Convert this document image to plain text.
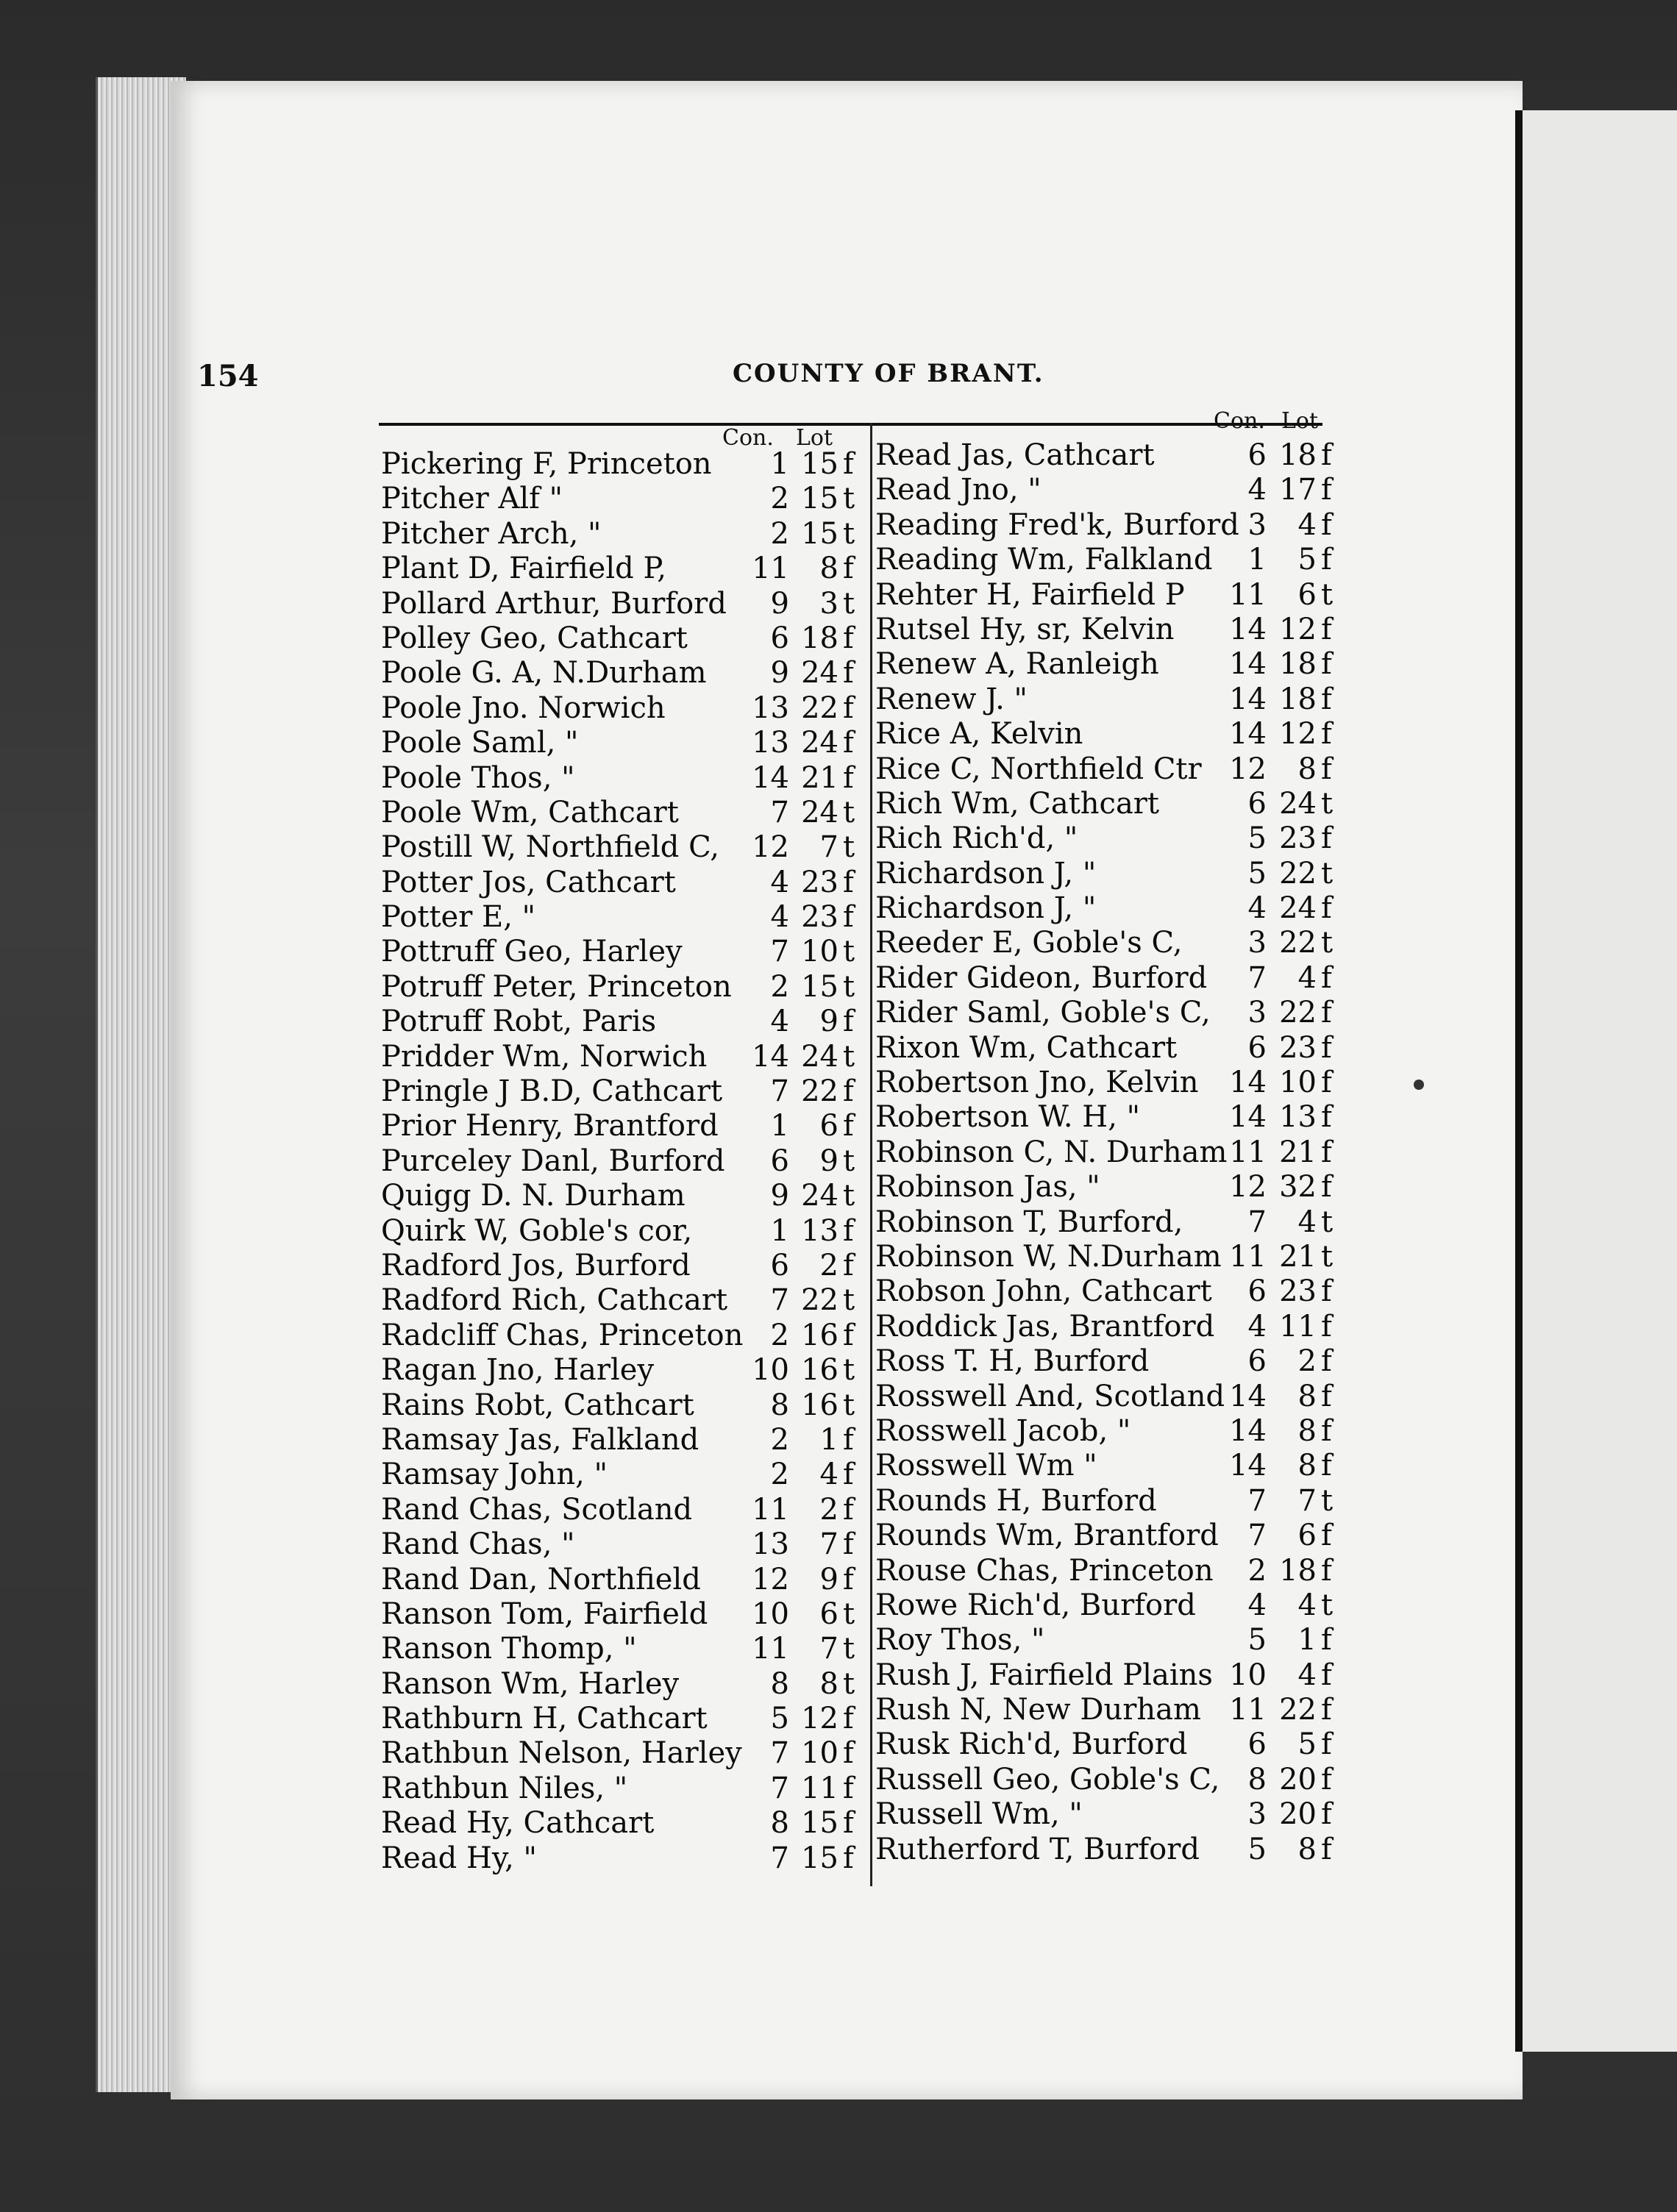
154	COUNTY OF BRANT.
Con. Lot
Con. Lot
Pickering F, Princeton	1 15 f
Pitcher Alf "	2 15 t
Pitcher Arch, "	2 15 t
Plant D, Fairfield P,	11	8 f
Pollard Arthur, Burford	9	3 t
Polley Geo, Cathcart	6 18 f
Poole G. A, N.Durham	9 24 f
Poole Jno. Norwich	13 22 f
Poole Saml, "	13 24 f
Poole Thos, "	14 21 f
Poole Wm, Cathcart	7 24 t
Postill W, Northfield C, 12	7 t
Potter Jos, Cathcart	4 23 f
Potter E, "	4 23 f
Pottruff Geo, Harley	7 10 t
Potruff Peter, Princeton	2 15 t
Potruff Robt, Paris	4	9 f
Pridder Wm, Norwich 14 24 t
Pringle J B.D, Cathcart	7 22 f
Prior Henry, Brantford	1	6 f
Purceley Danl, Burford	6	9 t
Quigg D. N. Durham	9 24 t
Quirk W, Goble's cor,	1 13 f
Radford Jos, Burford	6	2 f
Radford Rich, Cathcart	7 22 t
Radcliff Chas, Princeton 2 16 f
Ragan Jno, Harley	10 16 t
Rains Robt, Cathcart	8 16 t
Ramsay Jas, Falkland	2	1 f
Ramsay John, "	2	4 f
Rand Chas, Scotland 11	2 f
Rand Chas, "	13	7 f
Rand Dan, Northfield 12	9 f
Ranson Tom, Fairfield 10	6 t
Ranson Thomp, "	11	7 t
Ranson Wm, Harley	8	8 t
Rathburn H, Cathcart	5 12 f
Rathbun Nelson, Harley 7 10 f
Rathbun Niles, "	7 11 f
Read Hy, Cathcart	8 15 f
Read Hy, "	7 15 f
Read Jas, Cathcart	6 18 f
Read Jno, "	4 17 f
Reading Fred'k, Burford 3	4 f
Reading Wm, Falkland	1	5 f
Rehter H, Fairfield P 11	6 t
Rutsel Hy, sr, Kelvin 14 12 f
Renew A, Ranleigh 14 18 f
Renew J. "	14 18 f
Rice A, Kelvin	14 12 f
Rice C, Northfield Ctr 12	8 f
Rich Wm, Cathcart	6 24 t
Rich Rich'd, "	5 23 f
Richardson J, "	5 22 t
Richardson J, "	4 24 f
Reeder E, Goble's C,	3 22 t
Rider Gideon, Burford	7	4 f
Rider Saml, Goble's C,	3 22 f
Rixon Wm, Cathcart	6 23 f
Robertson Jno, Kelvin 14 10 f
Robertson W. H, "	14 13 f
Robinson C, N. Durham 11 21 f
Robinson Jas, "	12 32 f
Robinson T, Burford,	7	4 t
Robinson W, N.Durham 11 21 t
Robson John, Cathcart	6 23 f
Roddick Jas, Brantford	4 11 f
Ross T. H, Burford	6	2 f
Rosswell And, Scotland 14	8 f
Rosswell Jacob, "	14	8 f
Rosswell Wm "	14	8 f
Rounds H, Burford	7	7 t
Rounds Wm, Brantford 7	6 f
Rouse Chas, Princeton	2 18 f
Rowe Rich'd, Burford	4	4 t
Roy Thos, "	5	1 f
Rush J, Fairfield Plains 10	4 f
Rush N, New Durham 11 22 f
Rusk Rich'd, Burford	6	5 f
Russell Geo, Goble's C, 8 20 f
Russell Wm, "	3 20 f
Rutherford T, Burford	5	8 f
